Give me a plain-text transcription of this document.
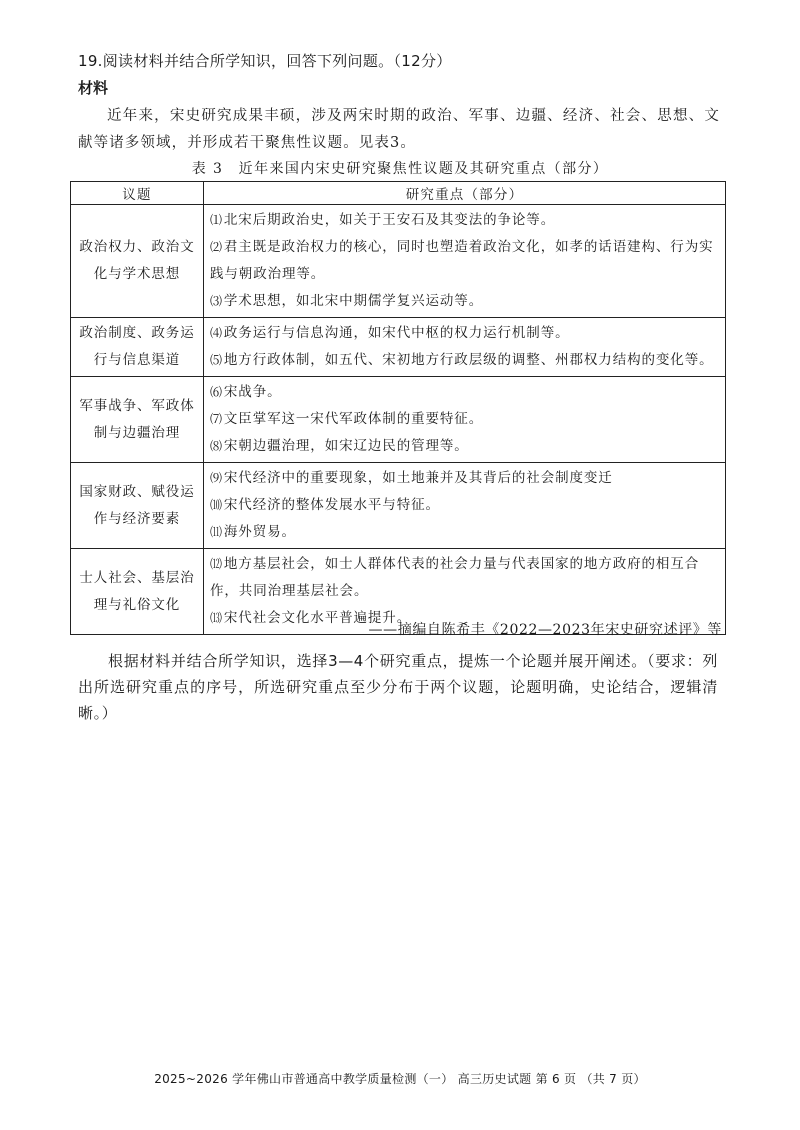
19.阅读材料并结合所学知识，回答下列问题。（12分）
材料
近年来，宋史研究成果丰硕，涉及两宋时期的政治、军事、边疆、经济、社会、思想、文献等诸多领域，并形成若干聚焦性议题。见表3。
表 3　近年来国内宋史研究聚焦性议题及其研究重点（部分）
议题	研究重点（部分）
政治权力、政治文化与学术思想	⑴北宋后期政治史，如关于王安石及其变法的争论等。
⑵君主既是政治权力的核心，同时也塑造着政治文化，如孝的话语建构、行为实践与朝政治理等。
⑶学术思想，如北宋中期儒学复兴运动等。

政治制度、政务运行与信息渠道	⑷政务运行与信息沟通，如宋代中枢的权力运行机制等。
⑸地方行政体制，如五代、宋初地方行政层级的调整、州郡权力结构的变化等。

军事战争、军政体制与边疆治理	⑹宋战争。
⑺文臣掌军这一宋代军政体制的重要特征。
⑻宋朝边疆治理，如宋辽边民的管理等。

国家财政、赋役运作与经济要素	⑼宋代经济中的重要现象，如土地兼并及其背后的社会制度变迁
⑽宋代经济的整体发展水平与特征。
⑾海外贸易。

士人社会、基层治理与礼俗文化	⑿地方基层社会，如士人群体代表的社会力量与代表国家的地方政府的相互合作，共同治理基层社会。
⒀宋代社会文化水平普遍提升。
——摘编自陈希丰《2022—2023年宋史研究述评》等
根据材料并结合所学知识，选择3—4个研究重点，提炼一个论题并展开阐述。（要求：列出所选研究重点的序号，所选研究重点至少分布于两个议题，论题明确，史论结合，逻辑清晰。）
2025~2026 学年佛山市普通高中教学质量检测（一） 高三历史试题 第 6 页 （共 7 页）
